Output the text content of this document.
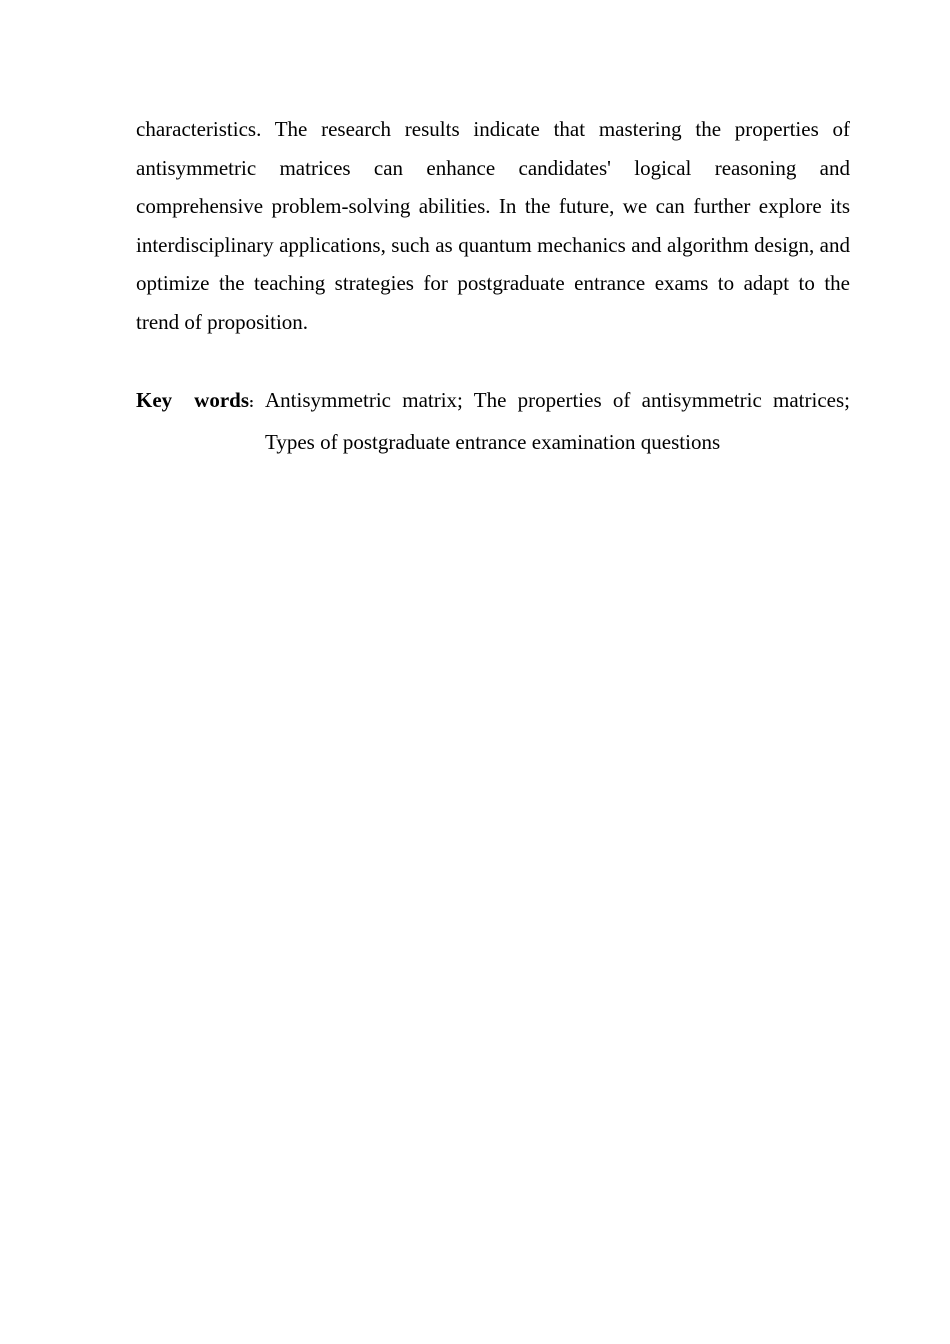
characteristics. The research results indicate that mastering the properties of antisymmetric matrices can enhance candidates' logical reasoning and comprehensive problem-solving abilities. In the future, we can further explore its interdisciplinary applications, such as quantum mechanics and algorithm design, and optimize the teaching strategies for postgraduate entrance exams to adapt to the trend of proposition.

Key words: Antisymmetric matrix; The properties of antisymmetric matrices; Types of postgraduate entrance examination questions
